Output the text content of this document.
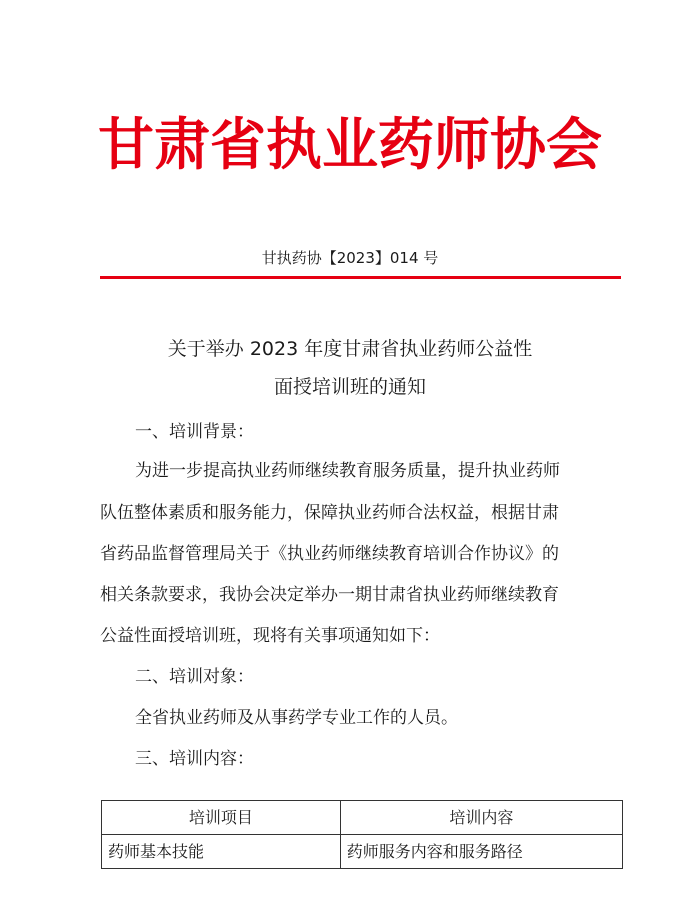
甘肃省执业药师协会
甘执药协【2023】014 号
关于举办 2023 年度甘肃省执业药师公益性
面授培训班的通知
一、培训背景：
为进一步提高执业药师继续教育服务质量，提升执业药师
队伍整体素质和服务能力，保障执业药师合法权益，根据甘肃
省药品监督管理局关于《执业药师继续教育培训合作协议》的
相关条款要求，我协会决定举办一期甘肃省执业药师继续教育
公益性面授培训班，现将有关事项通知如下：
二、培训对象：
全省执业药师及从事药学专业工作的人员。
三、培训内容：
培训项目	培训内容
药师基本技能	药师服务内容和服务路径
